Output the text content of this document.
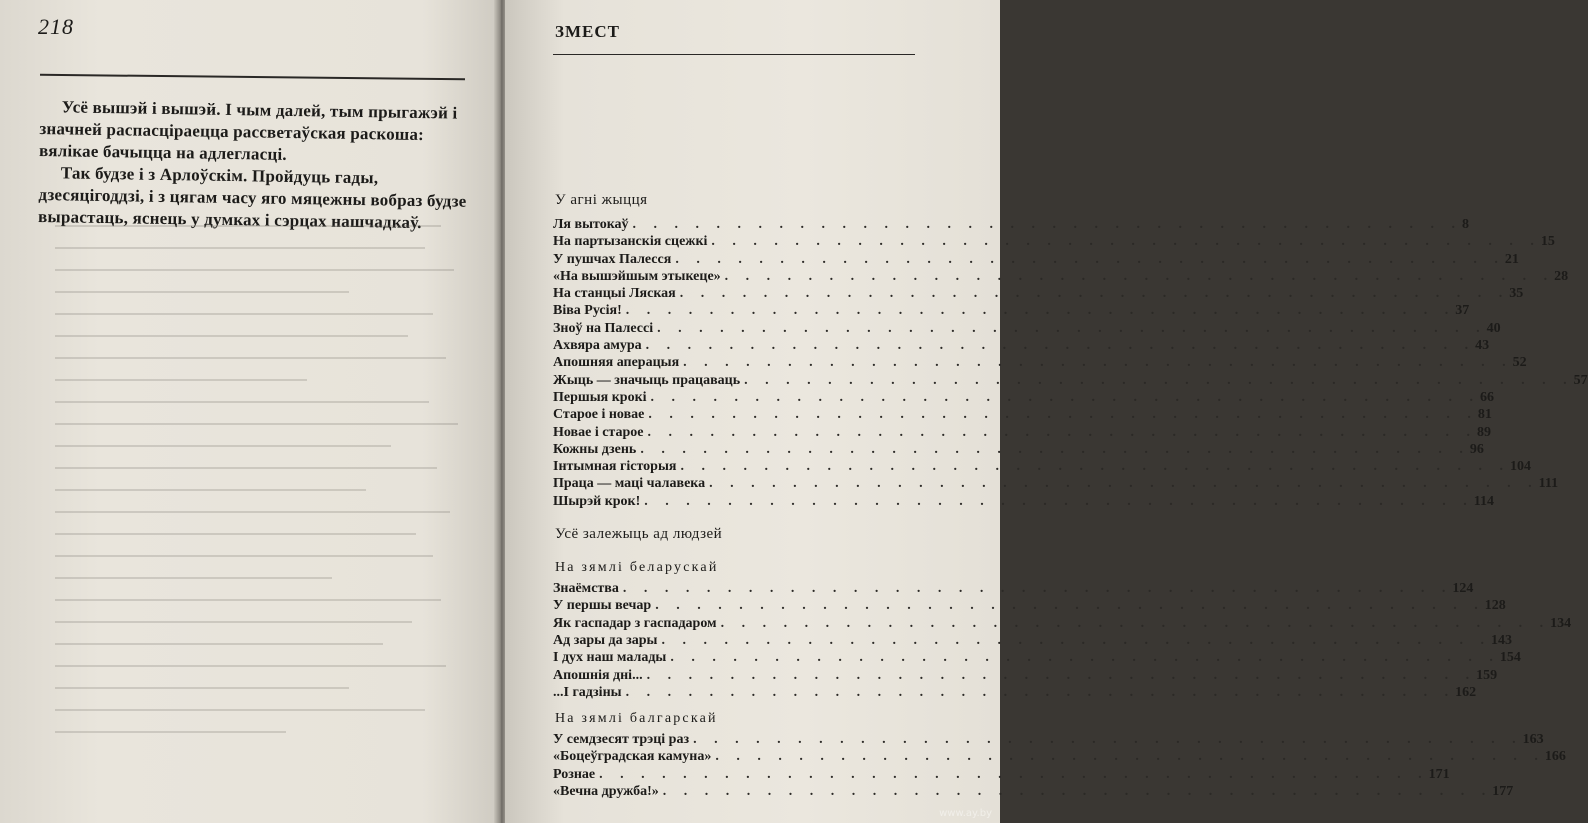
218

Усё вышэй і вышэй. І чым далей, тым прыгажэй і значней распасціраецца рассветаўская раскоша: вялікае бачыцца на адлегласці.

Так будзе і з Арлоўскім. Пройдуць гады, дзесяцігоддзі, і з цягам часу яго мяцежны вобраз будзе вырастаць, яснець у думках і сэрцах нашчадкаў.

ЗМЕСТ
У агні жыцця
Ля вытокаў . . . . . . . . . . . . . . . . . . . . . . . . . . . . . . . . . . . . . . . . 8
На партызанскія сцежкі . . . . . . . . . . . . . . . . . . . . . . . . . . . . . . . . . . . . . . . . 15
У пушчах Палесся . . . . . . . . . . . . . . . . . . . . . . . . . . . . . . . . . . . . . . . . 21
«На вышэйшым этыкеце» . . . . . . . . . . . . . . . . . . . . . . . . . . . . . . . . . . . . . . . . 28
На станцыі Ляская . . . . . . . . . . . . . . . . . . . . . . . . . . . . . . . . . . . . . . . . 35
Віва Русія! . . . . . . . . . . . . . . . . . . . . . . . . . . . . . . . . . . . . . . . . 37
Зноў на Палессі . . . . . . . . . . . . . . . . . . . . . . . . . . . . . . . . . . . . . . . . 40
Ахвяра амура . . . . . . . . . . . . . . . . . . . . . . . . . . . . . . . . . . . . . . . . 43
Апошняя аперацыя . . . . . . . . . . . . . . . . . . . . . . . . . . . . . . . . . . . . . . . . 52
Жыць — значыць працаваць . . . . . . . . . . . . . . . . . . . . . . . . . . . . . . . . . . . . . . . . 57
Першыя крокі . . . . . . . . . . . . . . . . . . . . . . . . . . . . . . . . . . . . . . . . 66
Старое і новае . . . . . . . . . . . . . . . . . . . . . . . . . . . . . . . . . . . . . . . . 81
Новае і старое . . . . . . . . . . . . . . . . . . . . . . . . . . . . . . . . . . . . . . . . 89
Кожны дзень . . . . . . . . . . . . . . . . . . . . . . . . . . . . . . . . . . . . . . . . 96
Інтымная гісторыя . . . . . . . . . . . . . . . . . . . . . . . . . . . . . . . . . . . . . . . . 104
Праца — маці чалавека . . . . . . . . . . . . . . . . . . . . . . . . . . . . . . . . . . . . . . . . 111
Шырэй крок! . . . . . . . . . . . . . . . . . . . . . . . . . . . . . . . . . . . . . . . . 114
Усё залежыць ад людзей
На зямлі беларускай
Знаёмства . . . . . . . . . . . . . . . . . . . . . . . . . . . . . . . . . . . . . . . . 124
У першы вечар . . . . . . . . . . . . . . . . . . . . . . . . . . . . . . . . . . . . . . . . 128
Як гаспадар з гаспадаром . . . . . . . . . . . . . . . . . . . . . . . . . . . . . . . . . . . . . . . . 134
Ад зары да зары . . . . . . . . . . . . . . . . . . . . . . . . . . . . . . . . . . . . . . . . 143
І дух наш малады . . . . . . . . . . . . . . . . . . . . . . . . . . . . . . . . . . . . . . . . 154
Апошнія дні... . . . . . . . . . . . . . . . . . . . . . . . . . . . . . . . . . . . . . . . . 159
...І гадзіны . . . . . . . . . . . . . . . . . . . . . . . . . . . . . . . . . . . . . . . . 162
На зямлі балгарскай
У семдзесят трэці раз . . . . . . . . . . . . . . . . . . . . . . . . . . . . . . . . . . . . . . . . 163
«Боцеўградская камуна» . . . . . . . . . . . . . . . . . . . . . . . . . . . . . . . . . . . . . . . . 166
Рознае . . . . . . . . . . . . . . . . . . . . . . . . . . . . . . . . . . . . . . . . 171
«Вечна дружба!» . . . . . . . . . . . . . . . . . . . . . . . . . . . . . . . . . . . . . . . . 177
www.ay.by
